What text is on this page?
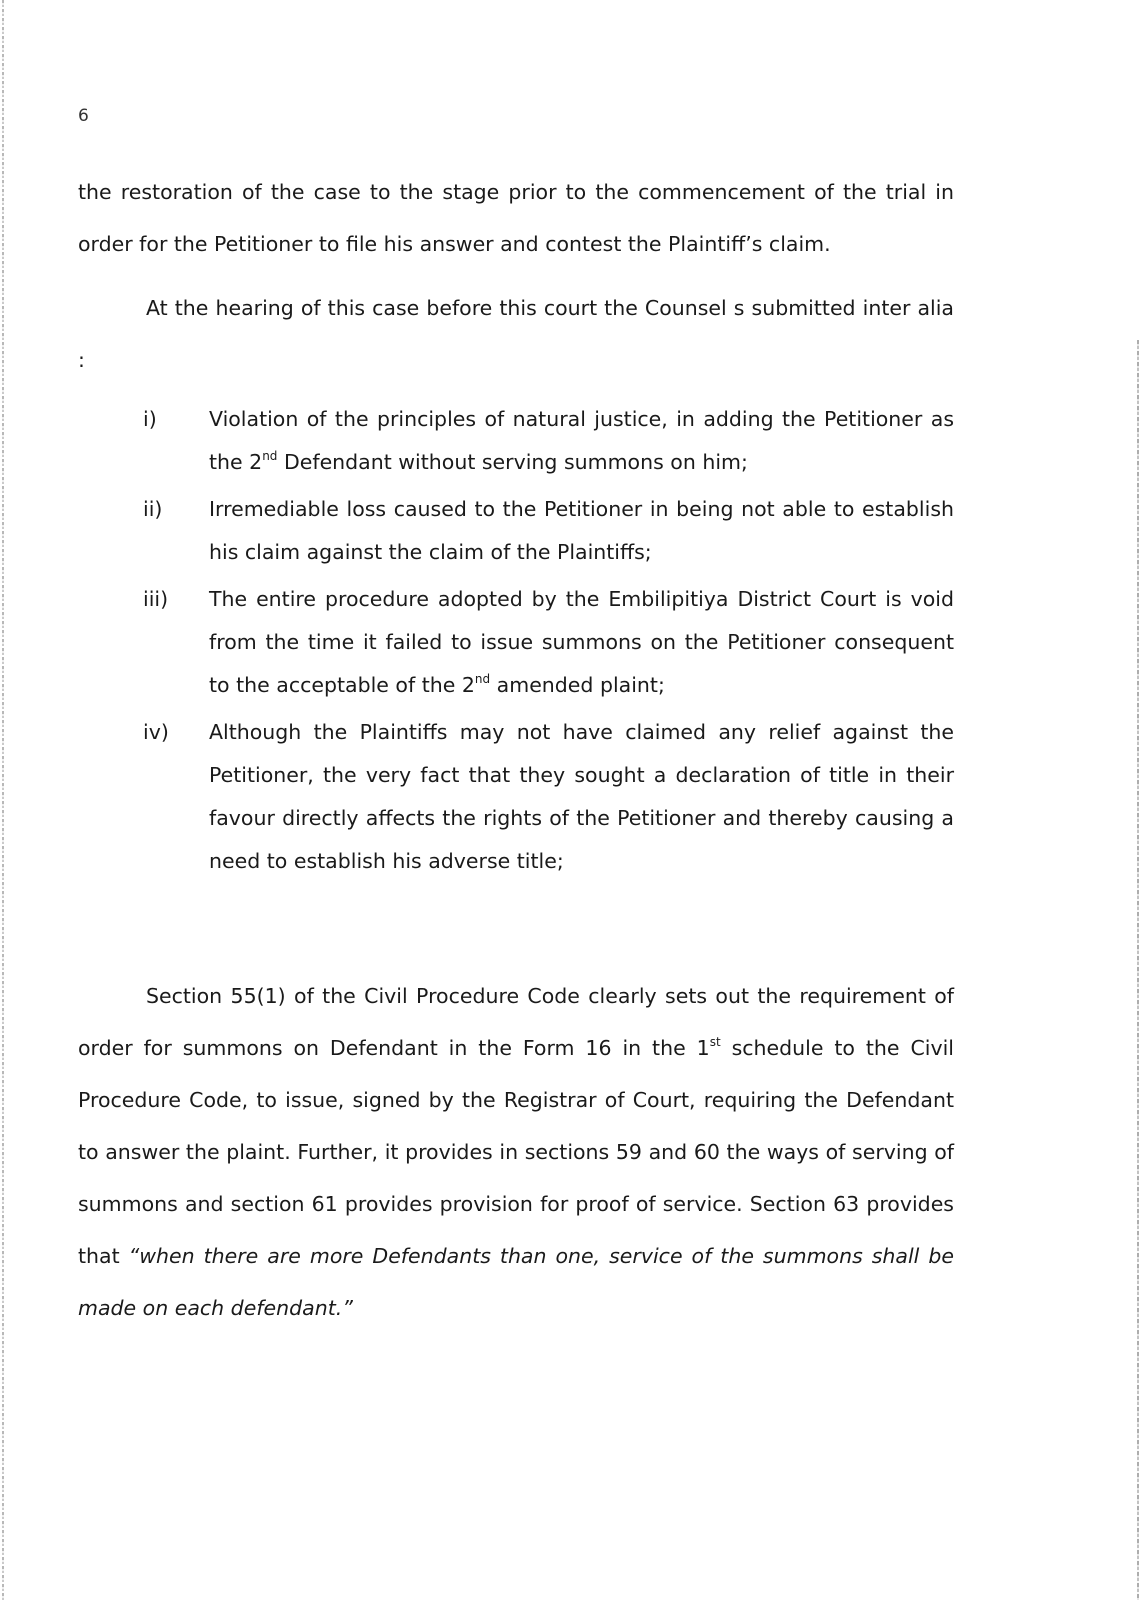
6

the restoration of the case to the stage prior to the commencement of the trial in order for the Petitioner to file his answer and contest the Plaintiff’s claim.

At the hearing of this case before this court the Counsel s submitted inter alia :

i)	Violation of the principles of natural justice, in adding the Petitioner as the 2nd Defendant without serving summons on him;
ii) Irremediable loss caused to the Petitioner in being not able to establish his claim against the claim of the Plaintiffs;
iii) The entire procedure adopted by the Embilipitiya District Court is void from the time it failed to issue summons on the Petitioner consequent to the acceptable of the 2nd amended plaint;
iv) Although the Plaintiffs may not have claimed any relief against the Petitioner, the very fact that they sought a declaration of title in their favour directly affects the rights of the Petitioner and thereby causing a need to establish his adverse title;

Section 55(1) of the Civil Procedure Code clearly sets out the requirement of order for summons on Defendant in the Form 16 in the 1st schedule to the Civil Procedure Code, to issue, signed by the Registrar of Court, requiring the Defendant to answer the plaint. Further, it provides in sections 59 and 60 the ways of serving of summons and section 61 provides provision for proof of service. Section 63 provides that “when there are more Defendants than one, service of the summons shall be made on each defendant.”
